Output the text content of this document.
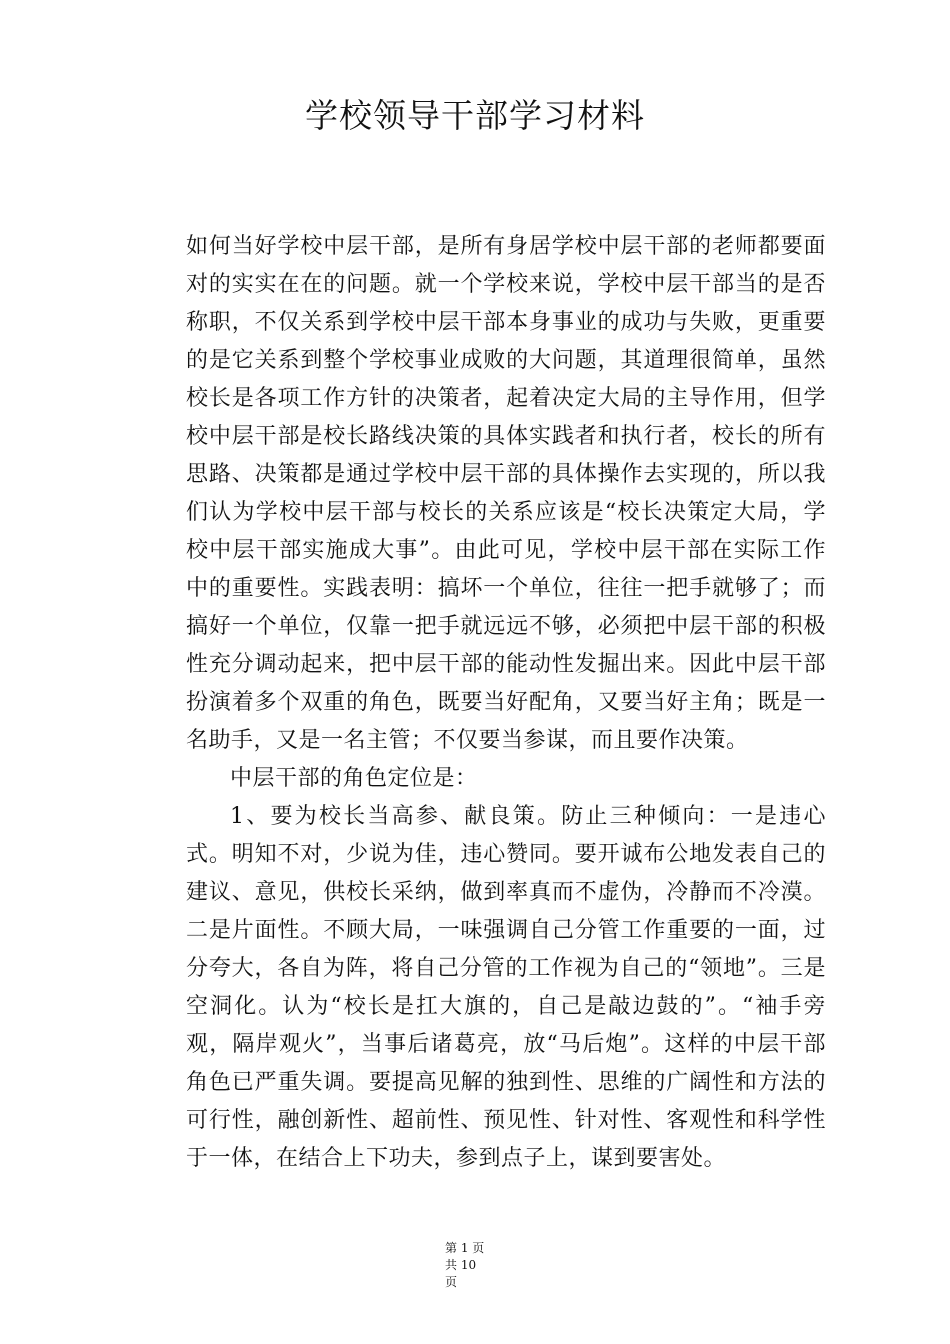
学校领导干部学习材料

如何当好学校中层干部，是所有身居学校中层干部的老师都要面对的实实在在的问题。就一个学校来说，学校中层干部当的是否称职，不仅关系到学校中层干部本身事业的成功与失败，更重要的是它关系到整个学校事业成败的大问题，其道理很简单，虽然校长是各项工作方针的决策者，起着决定大局的主导作用，但学校中层干部是校长路线决策的具体实践者和执行者，校长的所有思路、决策都是通过学校中层干部的具体操作去实现的，所以我们认为学校中层干部与校长的关系应该是“校长决策定大局，学校中层干部实施成大事”。由此可见，学校中层干部在实际工作中的重要性。实践表明：搞坏一个单位，往往一把手就够了；而搞好一个单位，仅靠一把手就远远不够，必须把中层干部的积极性充分调动起来，把中层干部的能动性发掘出来。因此中层干部扮演着多个双重的角色，既要当好配角，又要当好主角；既是一名助手，又是一名主管；不仅要当参谋，而且要作决策。

中层干部的角色定位是：

1、要为校长当高参、献良策。防止三种倾向：一是违心式。明知不对，少说为佳，违心赞同。要开诚布公地发表自己的建议、意见，供校长采纳，做到率真而不虚伪，冷静而不冷漠。二是片面性。不顾大局，一味强调自己分管工作重要的一面，过分夸大，各自为阵，将自己分管的工作视为自己的“领地”。三是空洞化。认为“校长是扛大旗的，自己是敲边鼓的”。“袖手旁观，隔岸观火”，当事后诸葛亮，放“马后炮”。这样的中层干部角色已严重失调。要提高见解的独到性、思维的广阔性和方法的可行性，融创新性、超前性、预见性、针对性、客观性和科学性于一体，在结合上下功夫，参到点子上，谋到要害处。

第 1 页
共 10
页
